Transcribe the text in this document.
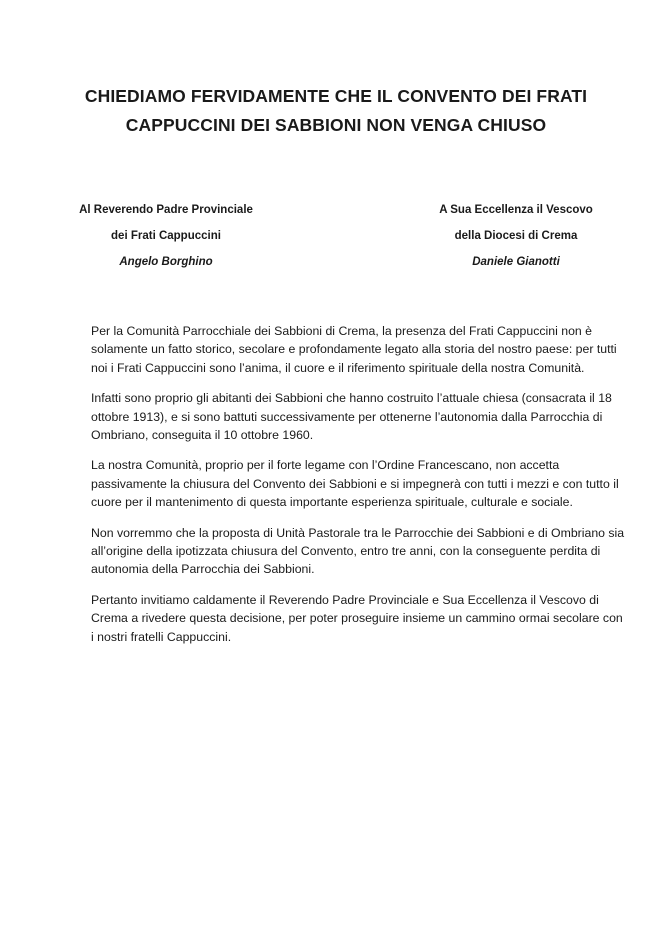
CHIEDIAMO FERVIDAMENTE CHE IL CONVENTO DEI FRATI
CAPPUCCINI DEI SABBIONI NON VENGA CHIUSO
Al Reverendo Padre Provinciale
dei Frati Cappuccini
Angelo Borghino
A Sua Eccellenza il Vescovo
della Diocesi di Crema
Daniele Gianotti

Per la Comunità Parrocchiale dei Sabbioni di Crema, la presenza del Frati Cappuccini non è solamente un fatto storico, secolare e profondamente legato alla storia del nostro paese: per tutti noi i Frati Cappuccini sono l’anima, il cuore e il riferimento spirituale della nostra Comunità.

Infatti sono proprio gli abitanti dei Sabbioni che hanno costruito l’attuale chiesa (consacrata il 18 ottobre 1913), e si sono battuti successivamente per ottenerne l’autonomia dalla Parrocchia di Ombriano, conseguita il 10 ottobre 1960.

La nostra Comunità, proprio per il forte legame con l’Ordine Francescano, non accetta passivamente la chiusura del Convento dei Sabbioni e si impegnerà con tutti i mezzi e con tutto il cuore per il mantenimento di questa importante esperienza spirituale, culturale e sociale.

Non vorremmo che la proposta di Unità Pastorale tra le Parrocchie dei Sabbioni e di Ombriano sia all’origine della ipotizzata chiusura del Convento, entro tre anni, con la conseguente perdita di autonomia della Parrocchia dei Sabbioni.

Pertanto invitiamo caldamente il Reverendo Padre Provinciale e Sua Eccellenza il Vescovo di Crema a rivedere questa decisione, per poter proseguire insieme un cammino ormai secolare con i nostri fratelli Cappuccini.
